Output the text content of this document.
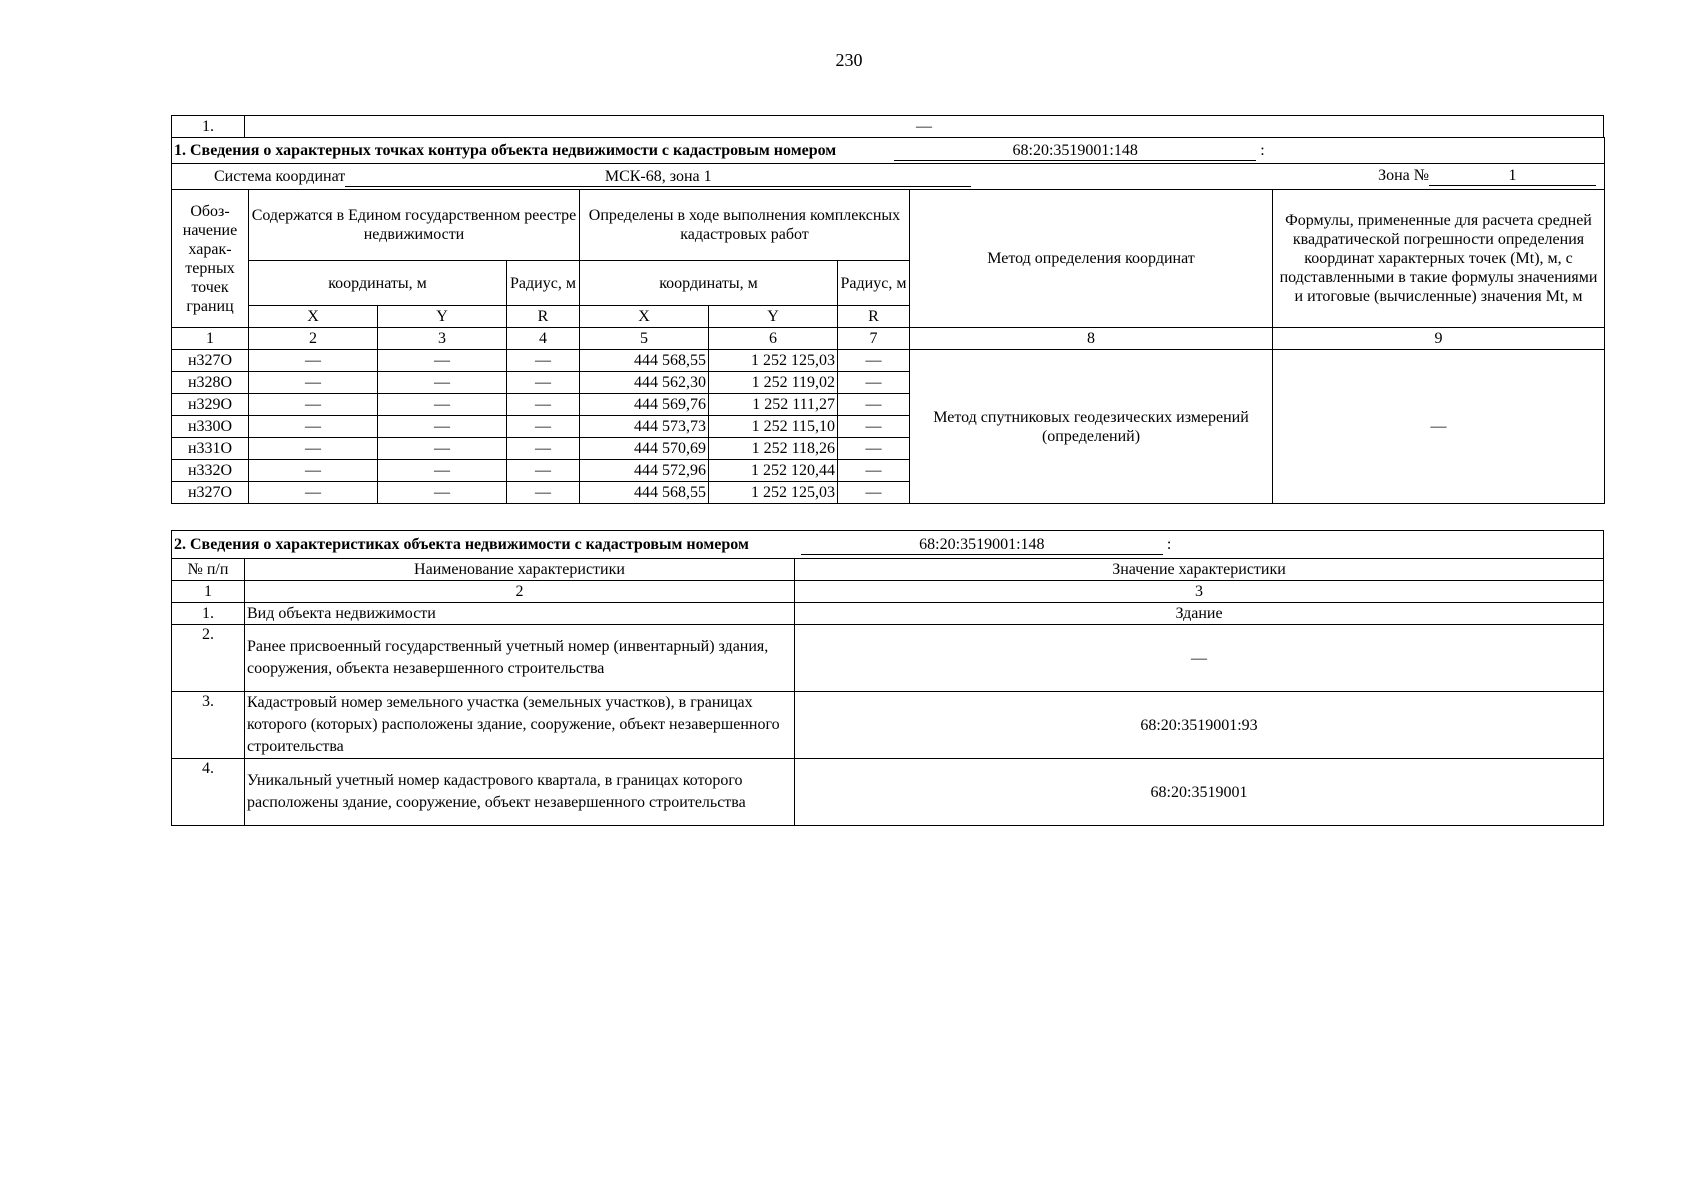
230
1.	—
1. Сведения о характерных точках контура объекта недвижимости с кадастровым номером 68:20:3519001:148 :								
Система координат МСК-68, зона 1 Зона № 1								

Обоз-начение харак-терных точек границ	Содержатся в Едином государственном реестре недвижимости			Определены в ходе выполнения комплексных кадастровых работ			Метод определения координат	Формулы, примененные для расчета средней квадратической погрешности определения координат характерных точек (Mt), м, с подставленными в такие формулы значениями и итоговые (вычисленные) значения Mt, м
	координаты, м		Радиус, м	координаты, м		Радиус, м		
	X	Y	R	X	Y	R		
1	2	3	4	5	6	7	8	9
н327О	—	—	—	444 568,55	1 252 125,03	—	Метод спутниковых геодезических измерений (определений)	—
н328О	—	—	—	444 562,30	1 252 119,02	—		
н329О	—	—	—	444 569,76	1 252 111,27	—		
н330О	—	—	—	444 573,73	1 252 115,10	—		
н331О	—	—	—	444 570,69	1 252 118,26	—		
н332О	—	—	—	444 572,96	1 252 120,44	—		
н327О	—	—	—	444 568,55	1 252 125,03	—		
2. Сведения о характеристиках объекта недвижимости с кадастровым номером 68:20:3519001:148 :		
№ п/п	Наименование характеристики	Значение характеристики
1	2	3
1.	Вид объекта недвижимости	Здание
2.	Ранее присвоенный государственный учетный номер (инвентарный) здания, сооружения, объекта незавершенного строительства	—
3.	Кадастровый номер земельного участка (земельных участков), в границах которого (которых) расположены здание, сооружение, объект незавершенного строительства	68:20:3519001:93
4.	Уникальный учетный номер кадастрового квартала, в границах которого расположены здание, сооружение, объект незавершенного строительства	68:20:3519001
